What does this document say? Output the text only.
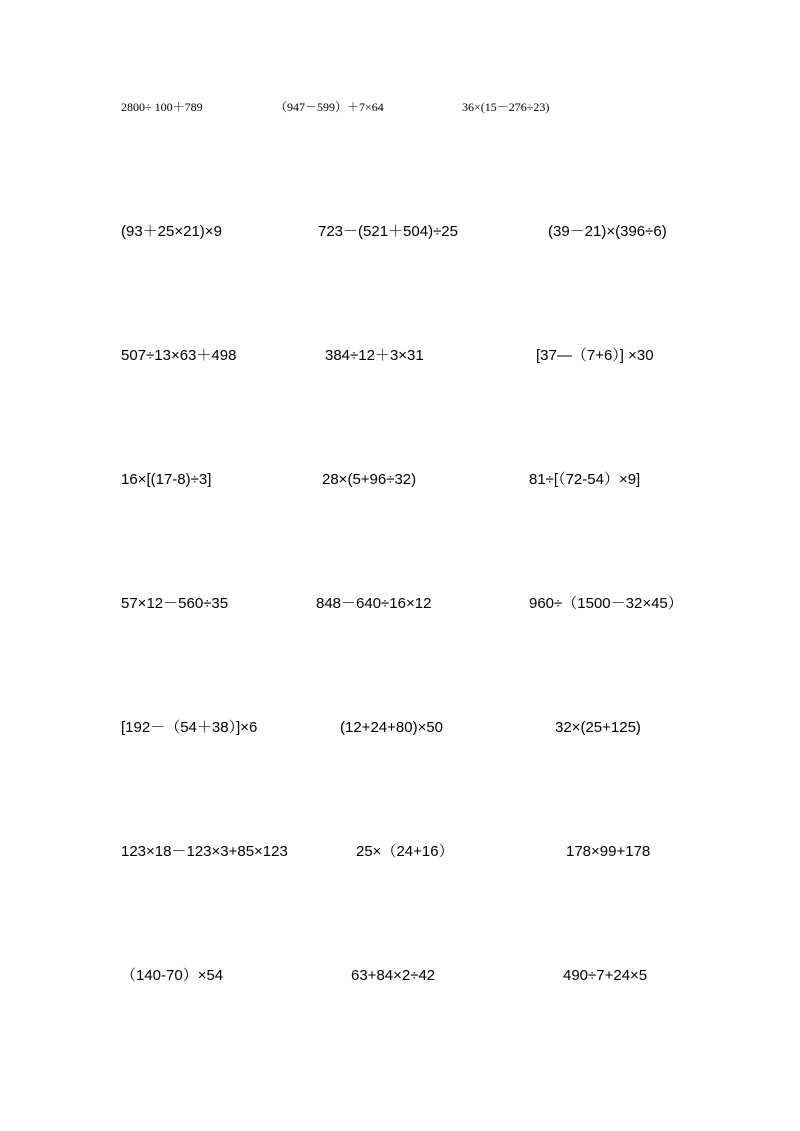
2800÷ 100＋789	（947－599）＋7×64	36×(15－276÷23)
(93＋25×21)×9	723－(521＋504)÷25	(39－21)×(396÷6)
507÷13×63＋498	384÷12＋3×31	[37—（7+6）] ×30
16×[(17-8)÷3]	28×(5+96÷32)	81÷[（72-54）×9]
57×12－560÷35	848－640÷16×12	960÷（1500－32×45）
[192－（54＋38）]×6	(12+24+80)×50	32×(25+125)
123×18－123×3+85×123	25×（24+16）	178×99+178
（140-70）×54	63+84×2÷42	490÷7+24×5
